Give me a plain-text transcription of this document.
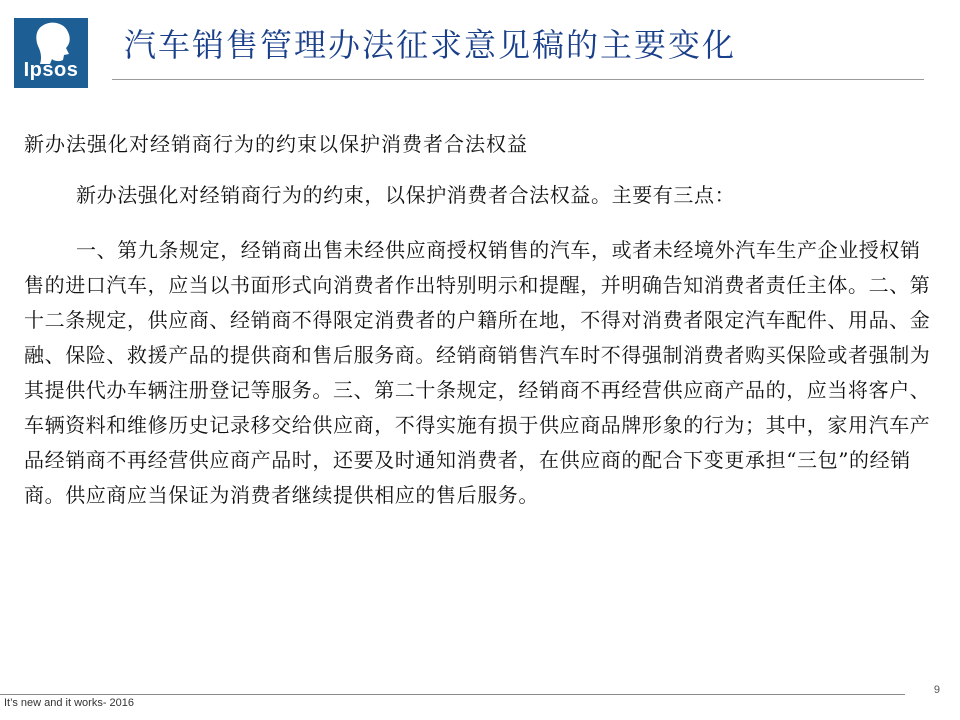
Ipsos
汽车销售管理办法征求意见稿的主要变化
新办法强化对经销商行为的约束以保护消费者合法权益

新办法强化对经销商行为的约束，以保护消费者合法权益。主要有三点：

一、第九条规定，经销商出售未经供应商授权销售的汽车，或者未经境外汽车生产企业授权销售的进口汽车，应当以书面形式向消费者作出特别明示和提醒，并明确告知消费者责任主体。二、第十二条规定，供应商、经销商不得限定消费者的户籍所在地，不得对消费者限定汽车配件、用品、金融、保险、救援产品的提供商和售后服务商。经销商销售汽车时不得强制消费者购买保险或者强制为其提供代办车辆注册登记等服务。三、第二十条规定，经销商不再经营供应商产品的，应当将客户、车辆资料和维修历史记录移交给供应商，不得实施有损于供应商品牌形象的行为；其中，家用汽车产品经销商不再经营供应商产品时，还要及时通知消费者，在供应商的配合下变更承担“三包”的经销商。供应商应当保证为消费者继续提供相应的售后服务。

9
It’s new and it works- 2016
